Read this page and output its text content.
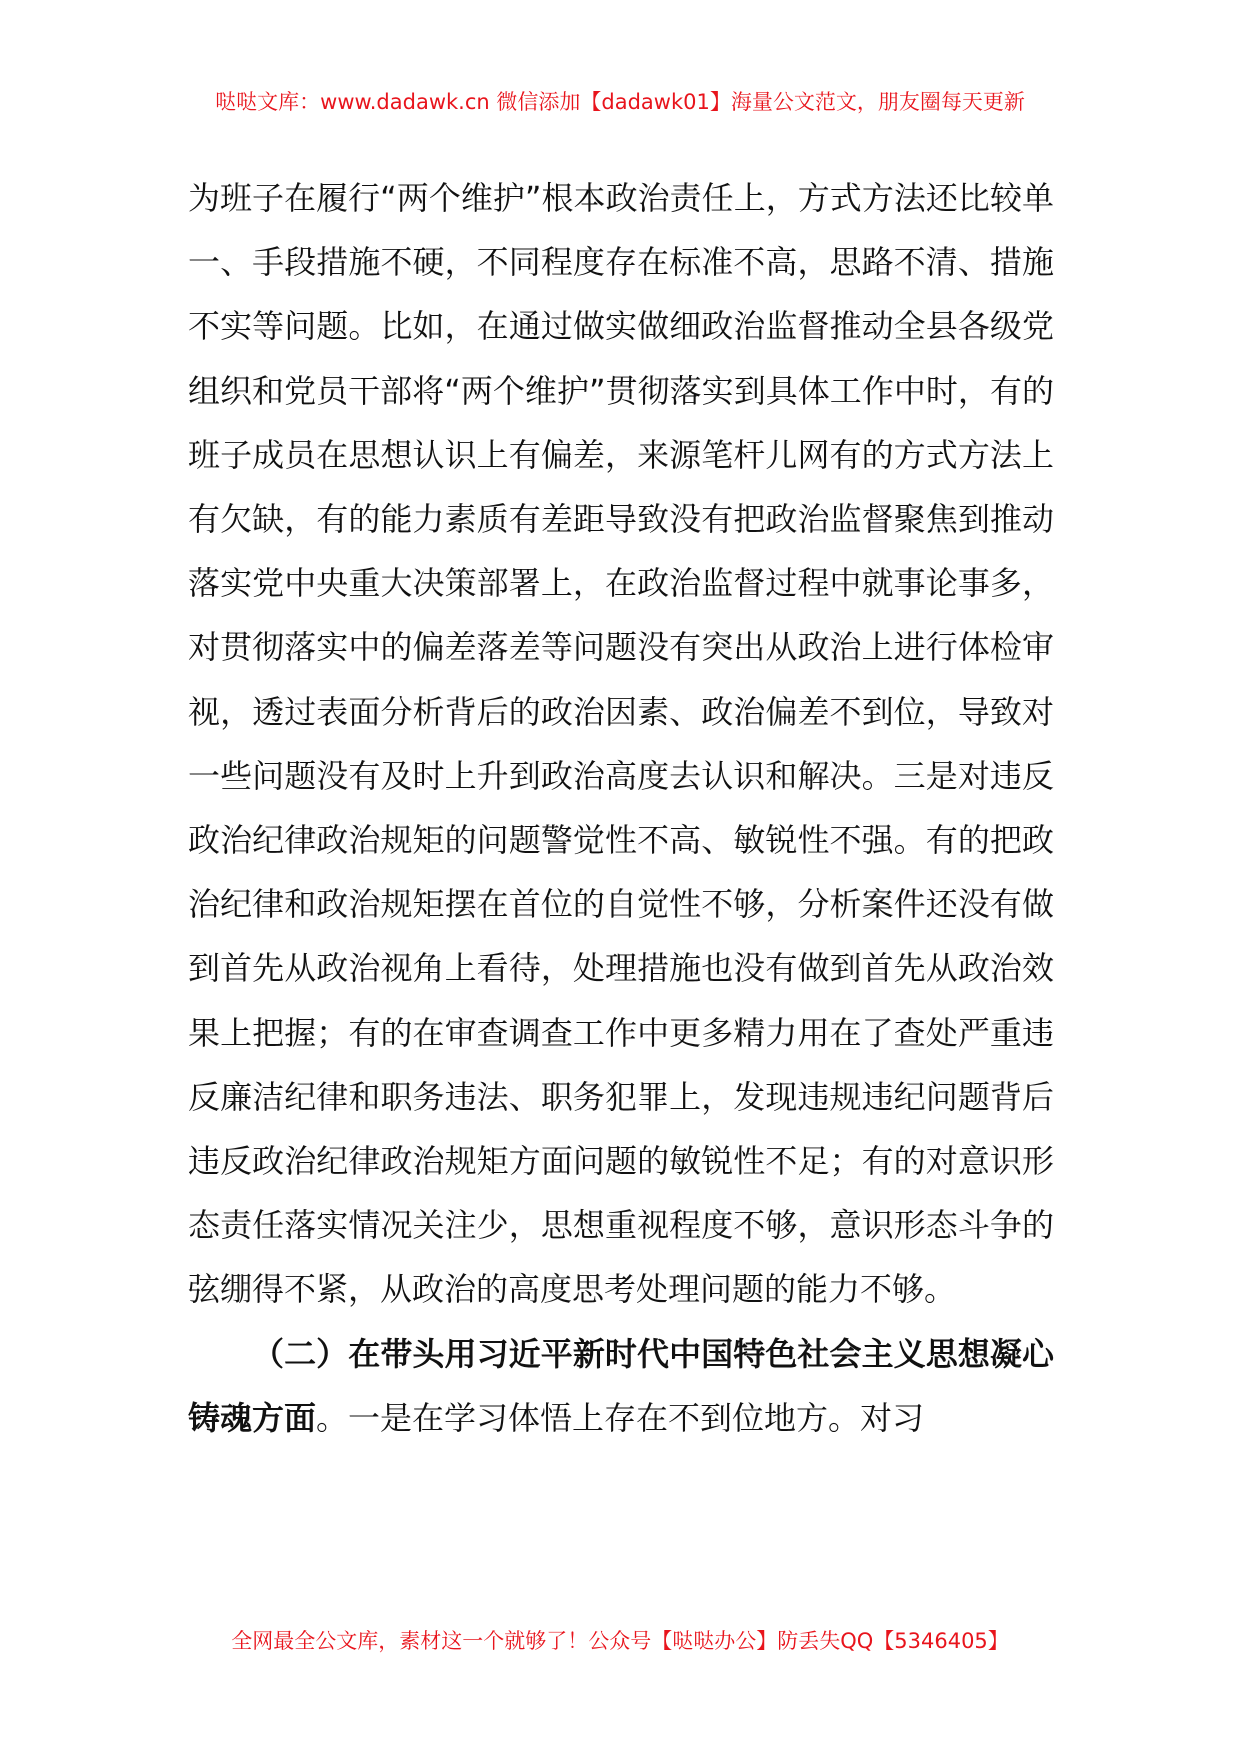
哒哒文库：www.dadawk.cn 微信添加【dadawk01】海量公文范文，朋友圈每天更新

为班子在履行“两个维护”根本政治责任上，方式方法还比较单一、手段措施不硬，不同程度存在标准不高，思路不清、措施不实等问题。比如，在通过做实做细政治监督推动全县各级党组织和党员干部将“两个维护”贯彻落实到具体工作中时，有的班子成员在思想认识上有偏差，来源笔杆儿网有的方式方法上有欠缺，有的能力素质有差距导致没有把政治监督聚焦到推动落实党中央重大决策部署上，在政治监督过程中就事论事多，对贯彻落实中的偏差落差等问题没有突出从政治上进行体检审视，透过表面分析背后的政治因素、政治偏差不到位，导致对一些问题没有及时上升到政治高度去认识和解决。三是对违反政治纪律政治规矩的问题警觉性不高、敏锐性不强。有的把政治纪律和政治规矩摆在首位的自觉性不够，分析案件还没有做到首先从政治视角上看待，处理措施也没有做到首先从政治效果上把握；有的在审查调查工作中更多精力用在了查处严重违反廉洁纪律和职务违法、职务犯罪上，发现违规违纪问题背后违反政治纪律政治规矩方面问题的敏锐性不足；有的对意识形态责任落实情况关注少，思想重视程度不够，意识形态斗争的弦绷得不紧，从政治的高度思考处理问题的能力不够。

（二）在带头用习近平新时代中国特色社会主义思想凝心铸魂方面。一是在学习体悟上存在不到位地方。对习

全网最全公文库，素材这一个就够了！公众号【哒哒办公】防丢失QQ【5346405】
